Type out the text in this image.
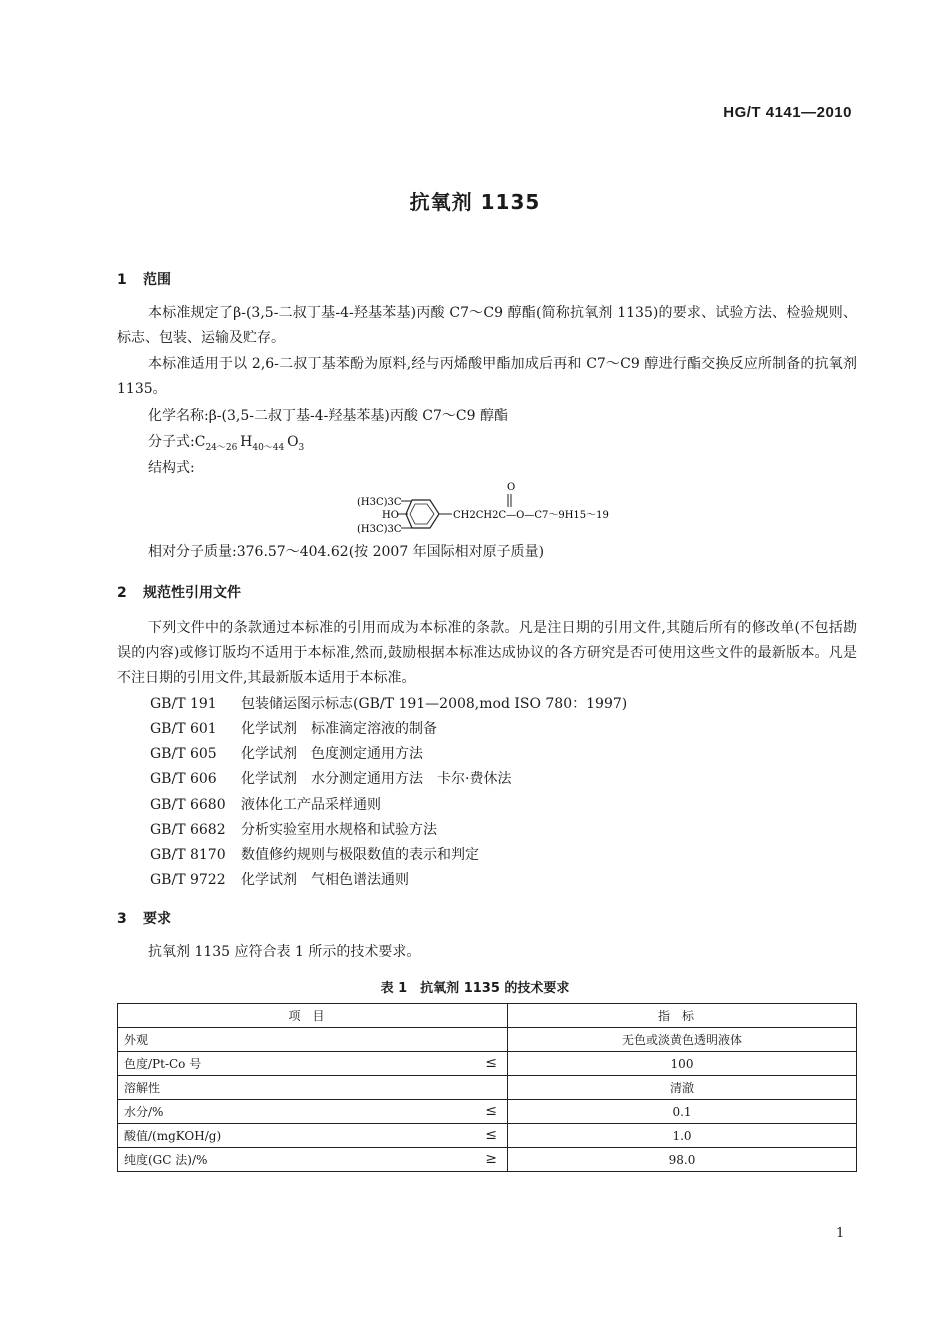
HG/T 4141—2010
抗氧剂 1135
1 范围
本标准规定了β-(3,5-二叔丁基-4-羟基苯基)丙酸 C7～C9 醇酯(简称抗氧剂 1135)的要求、试验方法、检验规则、标志、包装、运输及贮存。
本标准适用于以 2,6-二叔丁基苯酚为原料,经与丙烯酸甲酯加成后再和 C7～C9 醇进行酯交换反应所制备的抗氧剂 1135。
化学名称:β-(3,5-二叔丁基-4-羟基苯基)丙酸 C7～C9 醇酯
分子式$:C_{24\sim 26}$  $H_{40\sim 44}$  $O_3$
结构式:
(H3C)3C
HO
(H3C)3C
CH2CH2C—O—C7～9H15～19
O
相对分子质量:376.57～404.62(按 2007 年国际相对原子质量)
2 规范性引用文件
下列文件中的条款通过本标准的引用而成为本标准的条款。凡是注日期的引用文件,其随后所有的修改单(不包括勘误的内容)或修订版均不适用于本标准,然而,鼓励根据本标准达成协议的各方研究是否可使用这些文件的最新版本。凡是不注日期的引用文件,其最新版本适用于本标准。
GB/T 191 包装储运图示标志(GB/T 191—2008,mod ISO 780：1997)
GB/T 601 化学试剂　标准滴定溶液的制备
GB/T 605 化学试剂　色度测定通用方法
GB/T 606 化学试剂　水分测定通用方法　卡尔·费休法
GB/T 6680 液体化工产品采样通则
GB/T 6682 分析实验室用水规格和试验方法
GB/T 8170 数值修约规则与极限数值的表示和判定
GB/T 9722 化学试剂　气相色谱法通则
3 要求
抗氧剂 1135 应符合表 1 所示的技术要求。
表 1　抗氧剂 1135 的技术要求
项目	指标
外观	无色或淡黄色透明液体
色度/Pt-Co 号 ≤	100
溶解性	清澈
水分/% ≤	0.1
酸值/(mgKOH/g) ≤	1.0
纯度(GC 法)/% ≥	98.0
1
